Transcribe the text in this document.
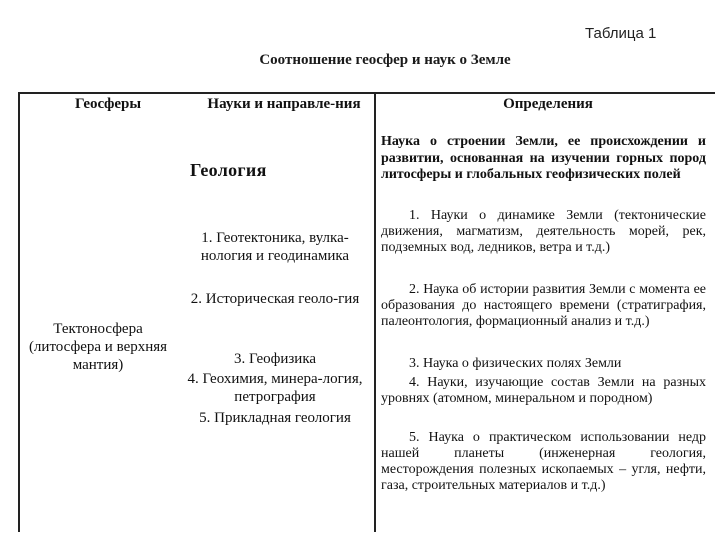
Таблица 1
Соотношение геосфер и наук о Земле
Геосферы	Науки и направле-ния	Определения
Тектоносфера (литосфера и верхняя мантия)
Геология
1. Геотектоника, вулка-нология и геодинамика
2. Историческая геоло-гия
3. Геофизика
4. Геохимия, минера-логия, петрография
5. Прикладная геология
Наука о строении Земли, ее происхождении и развитии, основанная на изучении горных пород литосферы и глобальных геофизических полей
1. Науки о динамике Земли (тектонические движения, магматизм, деятельность морей, рек, подземных вод, ледников, ветра и т.д.)
2. Наука об истории развития Земли с момента ее образования до настоящего времени (стратиграфия, палеонтология, формационный анализ и т.д.)
3. Наука о физических полях Земли
4. Науки, изучающие состав Земли на разных уровнях (атомном, минеральном и породном)
5. Наука о практическом использовании недр нашей планеты (инженерная геология, месторождения полезных ископаемых – угля, нефти, газа, строительных материалов и т.д.)
